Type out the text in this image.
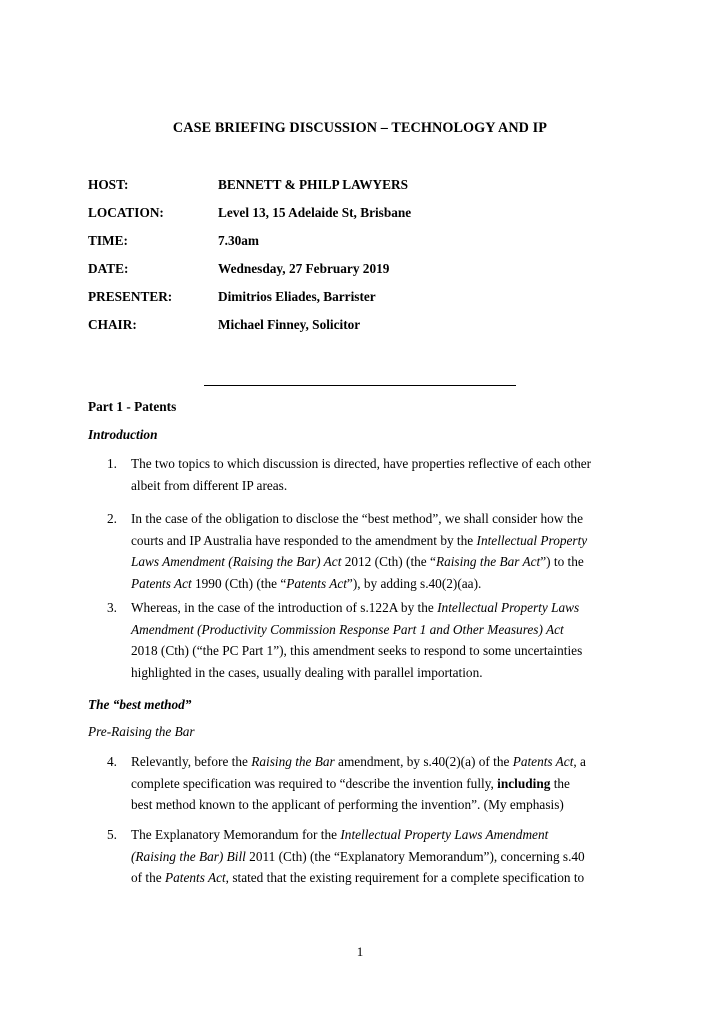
CASE BRIEFING DISCUSSION – TECHNOLOGY AND IP
HOST:	BENNETT & PHILP LAWYERS
LOCATION:	Level 13, 15 Adelaide St, Brisbane
TIME:	7.30am
DATE:	Wednesday, 27 February 2019
PRESENTER:	Dimitrios Eliades, Barrister
CHAIR:	Michael Finney, Solicitor
Part 1 - Patents
Introduction
1. The two topics to which discussion is directed, have properties reflective of each other
albeit from different IP areas.
2. In the case of the obligation to disclose the “best method”, we shall consider how the
courts and IP Australia have responded to the amendment by the Intellectual Property
Laws Amendment (Raising the Bar) Act 2012 (Cth) (the “Raising the Bar Act”) to the
Patents Act 1990 (Cth) (the “Patents Act”), by adding s.40(2)(aa).
3. Whereas, in the case of the introduction of s.122A by the Intellectual Property Laws
Amendment (Productivity Commission Response Part 1 and Other Measures) Act
2018 (Cth) (“the PC Part 1”), this amendment seeks to respond to some uncertainties
highlighted in the cases, usually dealing with parallel importation.
The “best method”
Pre-Raising the Bar
4. Relevantly, before the Raising the Bar amendment, by s.40(2)(a) of the Patents Act, a
complete specification was required to “describe the invention fully, including the
best method known to the applicant of performing the invention”. (My emphasis)
5. The Explanatory Memorandum for the Intellectual Property Laws Amendment
(Raising the Bar) Bill 2011 (Cth) (the “Explanatory Memorandum”), concerning s.40
of the Patents Act, stated that the existing requirement for a complete specification to
1
